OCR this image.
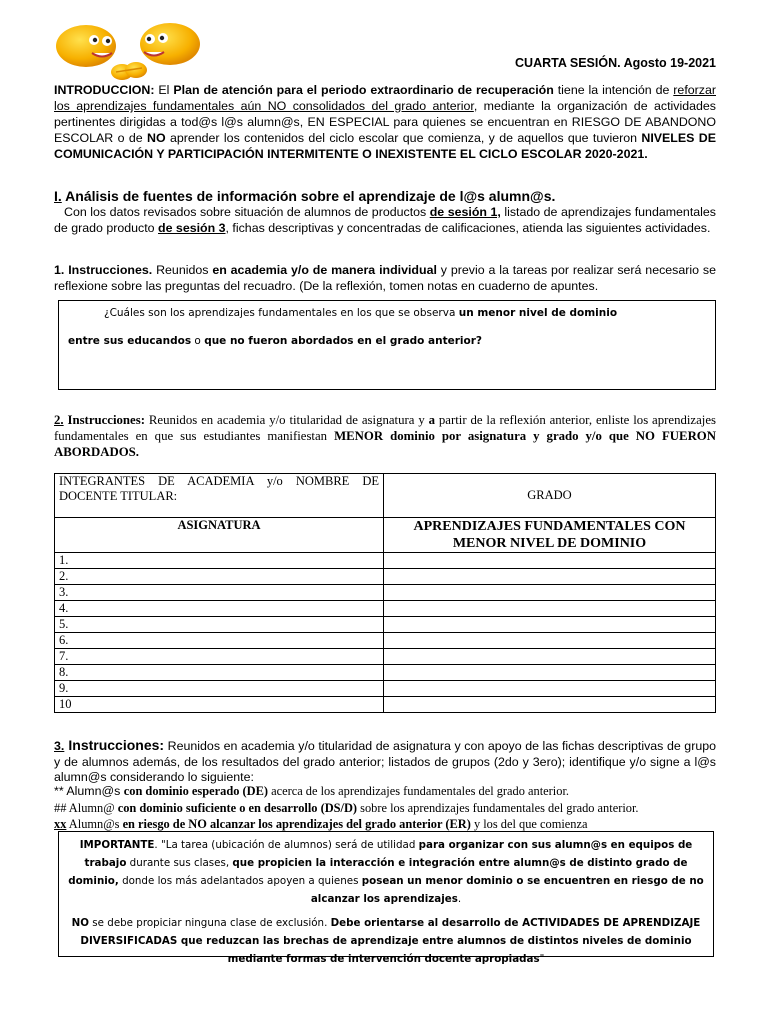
CUARTA SESIÓN. Agosto 19-2021
INTRODUCCION: El Plan de atención para el periodo extraordinario de recuperación tiene la intención de reforzar los aprendizajes fundamentales aún NO consolidados del grado anterior, mediante la organización de actividades pertinentes dirigidas a tod@s l@s alumn@s, EN ESPECIAL para quienes se encuentran en RIESGO DE ABANDONO ESCOLAR o de NO aprender los contenidos del ciclo escolar que comienza, y de aquellos que tuvieron NIVELES DE COMUNICACIÓN Y PARTICIPACIÓN INTERMITENTE O INEXISTENTE EL CICLO ESCOLAR 2020-2021.
I. Análisis de fuentes de información sobre el aprendizaje de l@s alumn@s.
Con los datos revisados sobre situación de alumnos de productos de sesión 1, listado de aprendizajes fundamentales de grado producto de sesión 3, fichas descriptivas y concentradas de calificaciones, atienda las siguientes actividades.
1. Instrucciones. Reunidos en academia y/o de manera individual y previo a la tareas por realizar será necesario se reflexione sobre las preguntas del recuadro. (De la reflexión, tomen notas en cuaderno de apuntes.
¿Cuáles son los aprendizajes fundamentales en los que se observa un menor nivel de dominio
entre sus educandos o que no fueron abordados en el grado anterior?
2. Instrucciones: Reunidos en academia y/o titularidad de asignatura y a partir de la reflexión anterior, enliste los aprendizajes fundamentales en que sus estudiantes manifiestan MENOR dominio por asignatura y grado y/o que NO FUERON ABORDADOS.
INTEGRANTES DE ACADEMIA y/o NOMBRE DE DOCENTE TITULAR:	GRADO
ASIGNATURA	APRENDIZAJES FUNDAMENTALES CON MENOR NIVEL DE DOMINIO
1.	
2.	
3.	
4.	
5.	
6.	
7.	
8.	
9.	
10	
3. Instrucciones: Reunidos en academia y/o titularidad de asignatura y con apoyo de las fichas descriptivas de grupo y de alumnos además, de los resultados del grado anterior; listados de grupos (2do y 3ero); identifique y/o signe a l@s alumn@s considerando lo siguiente:
** Alumn@s con dominio esperado (DE) acerca de los aprendizajes fundamentales del grado anterior.
## Alumn@ con dominio suficiente o en desarrollo (DS/D) sobre los aprendizajes fundamentales del grado anterior.
xx Alumn@s en riesgo de NO alcanzar los aprendizajes del grado anterior (ER) y los del que comienza

IMPORTANTE. "La tarea (ubicación de alumnos) será de utilidad para organizar con sus alumn@s en equipos de trabajo durante sus clases, que propicien la interacción e integración entre alumn@s de distinto grado de dominio, donde los más adelantados apoyen a quienes posean un menor dominio o se encuentren en riesgo de no alcanzar los aprendizajes.

NO se debe propiciar ninguna clase de exclusión. Debe orientarse al desarrollo de ACTIVIDADES DE APRENDIZAJE DIVERSIFICADAS que reduzcan las brechas de aprendizaje entre alumnos de distintos niveles de dominio mediante formas de intervención docente apropiadas"
